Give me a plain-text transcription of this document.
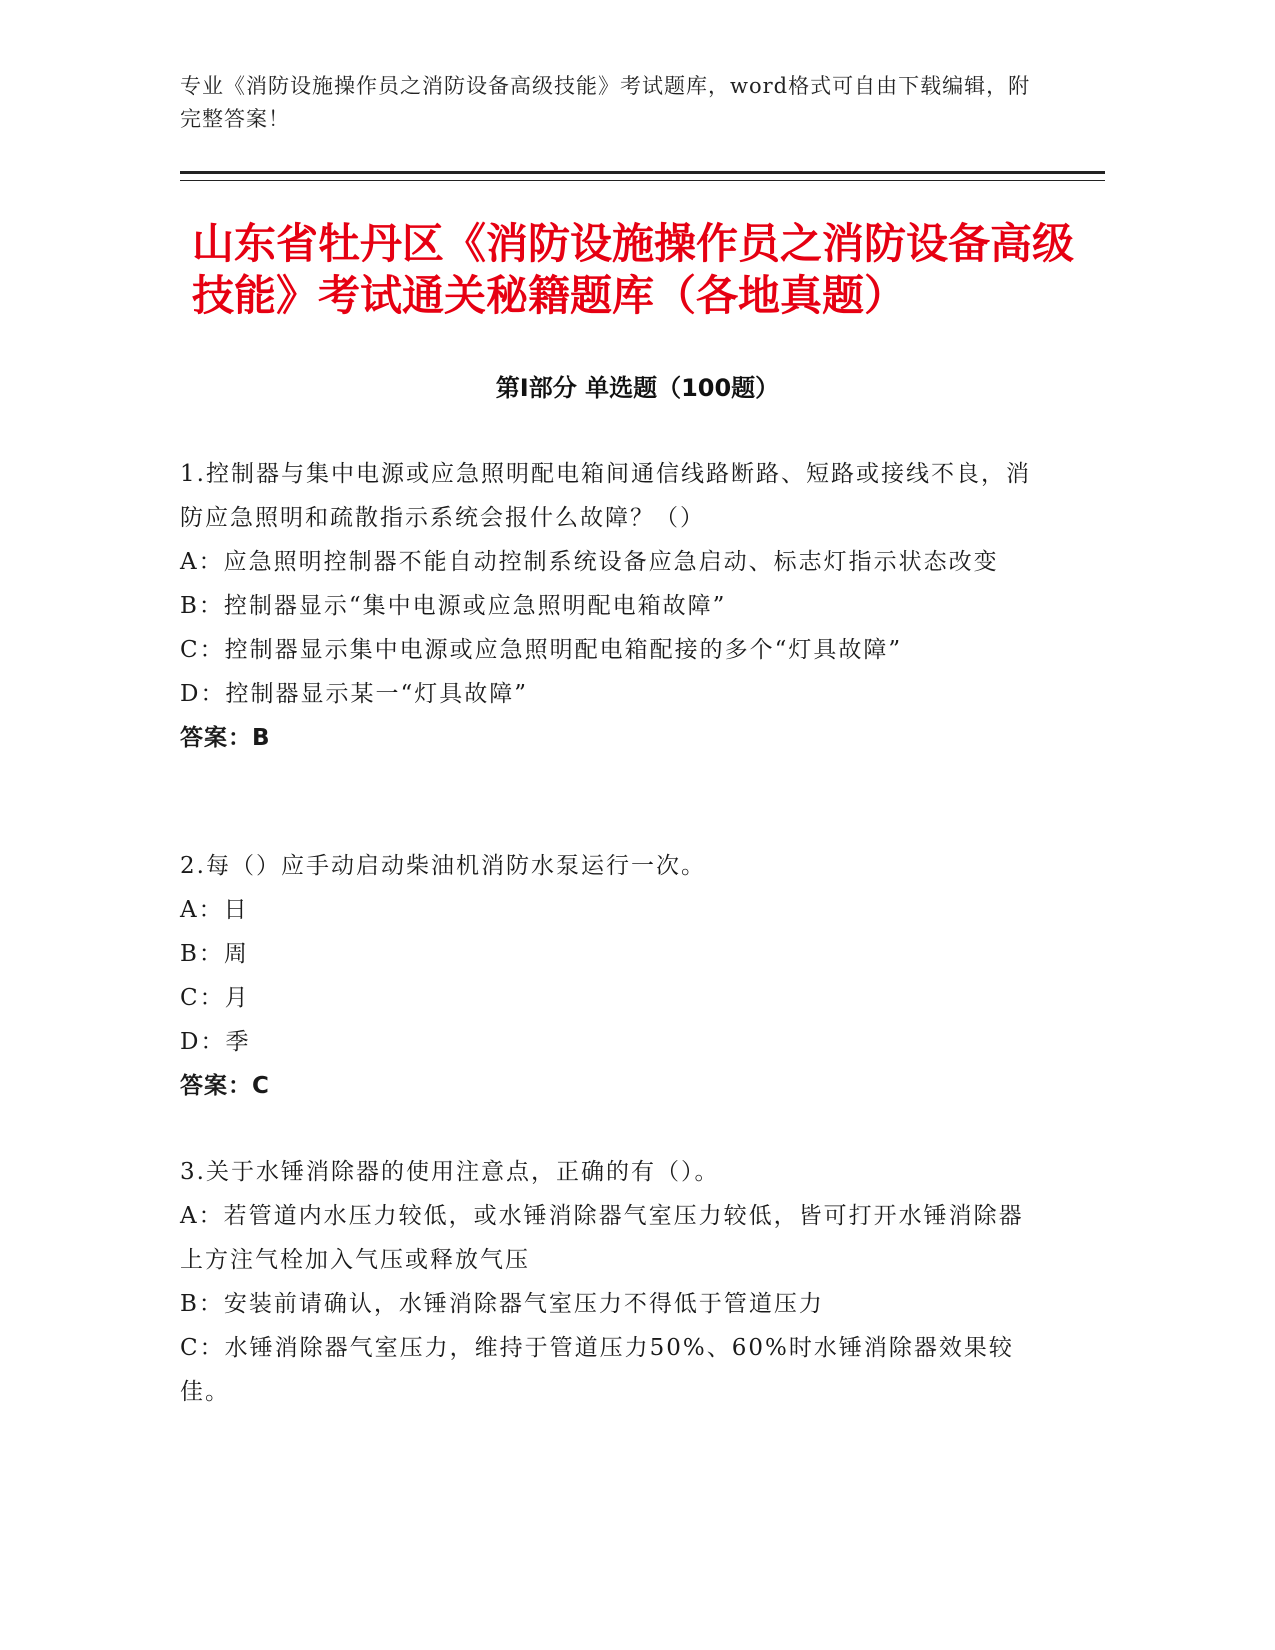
专业《消防设施操作员之消防设备高级技能》考试题库，word格式可自由下载编辑，附完整答案！
山东省牡丹区《消防设施操作员之消防设备高级技能》考试通关秘籍题库（各地真题）
第Ⅰ部分 单选题（100题）
1.控制器与集中电源或应急照明配电箱间通信线路断路、短路或接线不良，消防应急照明和疏散指示系统会报什么故障？（）
A：应急照明控制器不能自动控制系统设备应急启动、标志灯指示状态改变
B：控制器显示“集中电源或应急照明配电箱故障”
C：控制器显示集中电源或应急照明配电箱配接的多个“灯具故障”
D：控制器显示某一“灯具故障”
答案：B
2.每（）应手动启动柴油机消防水泵运行一次。
A：日
B：周
C：月
D：季
答案：C
3.关于水锤消除器的使用注意点，正确的有（）。
A：若管道内水压力较低，或水锤消除器气室压力较低，皆可打开水锤消除器上方注气栓加入气压或释放气压
B：安装前请确认，水锤消除器气室压力不得低于管道压力
C：水锤消除器气室压力，维持于管道压力50%、60%时水锤消除器效果较佳。
